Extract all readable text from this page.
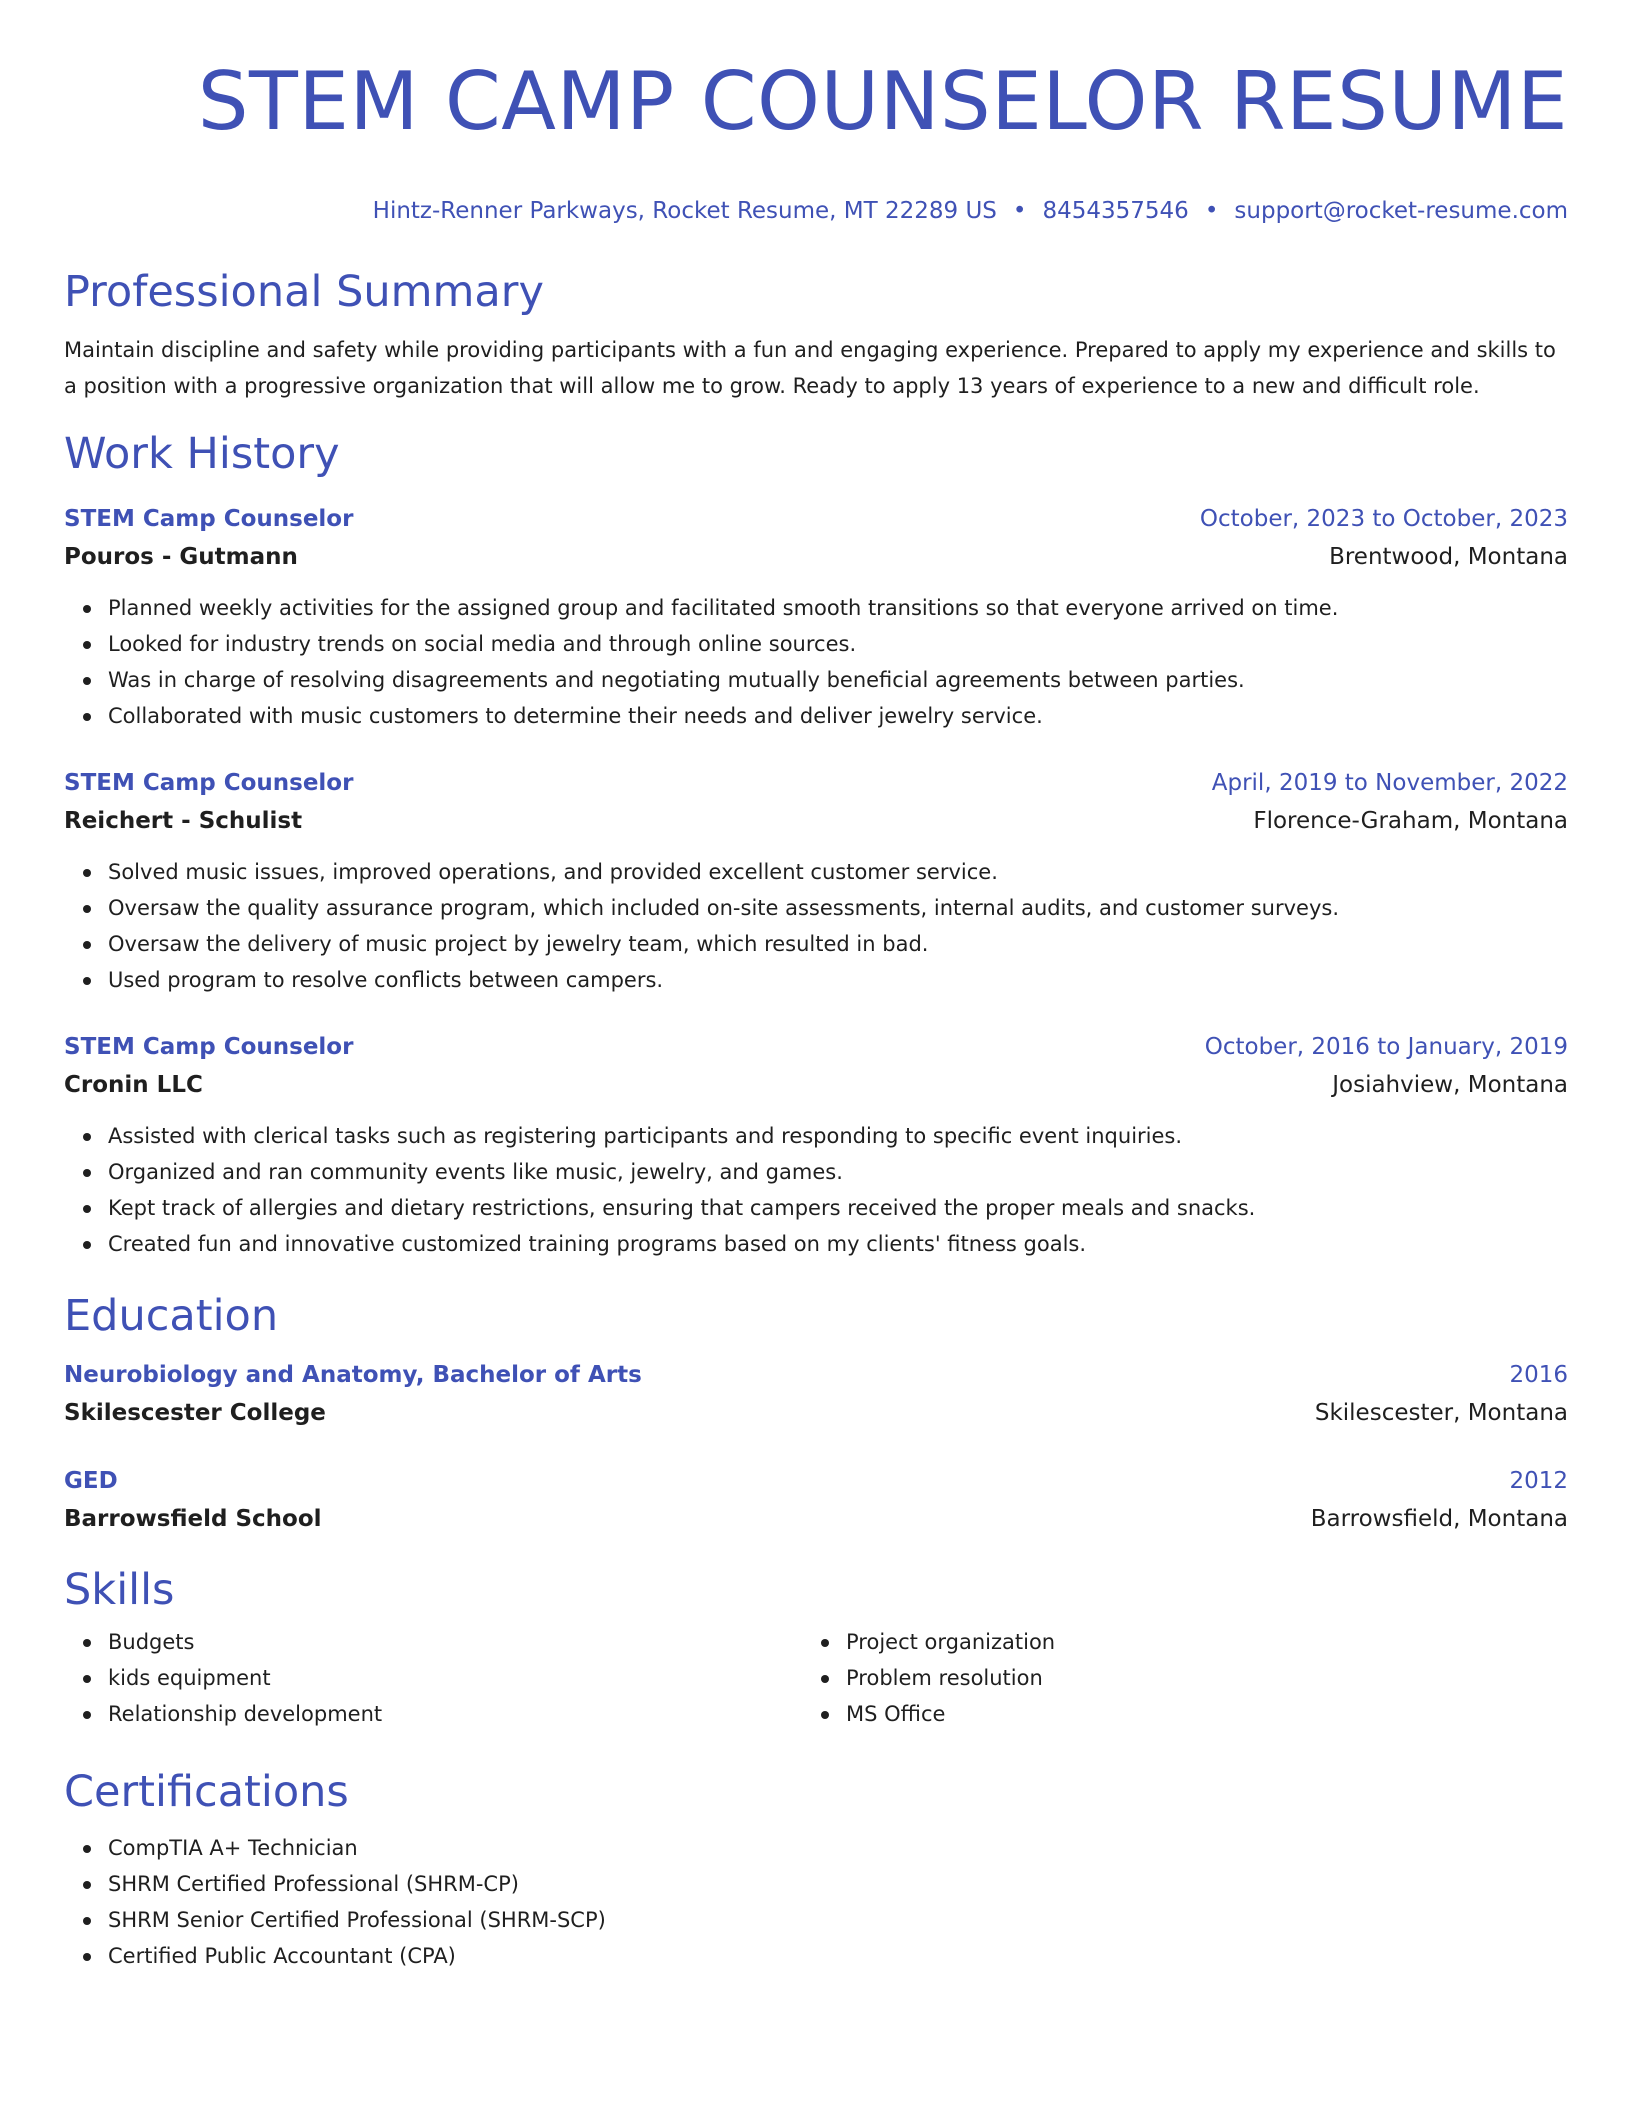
STEM CAMP COUNSELOR RESUME
Hintz-Renner Parkways, Rocket Resume, MT 22289 US • 8454357546 • support@rocket-resume.com
Professional Summary
Maintain discipline and safety while providing participants with a fun and engaging experience. Prepared to apply my experience and skills to a position with a progressive organization that will allow me to grow. Ready to apply 13 years of experience to a new and difficult role.
Work History
STEM Camp Counselor	October, 2023 to October, 2023
Pouros - Gutmann	Brentwood, Montana
Planned weekly activities for the assigned group and facilitated smooth transitions so that everyone arrived on time.
Looked for industry trends on social media and through online sources.
Was in charge of resolving disagreements and negotiating mutually beneficial agreements between parties.
Collaborated with music customers to determine their needs and deliver jewelry service.
STEM Camp Counselor	April, 2019 to November, 2022
Reichert - Schulist	Florence-Graham, Montana
Solved music issues, improved operations, and provided excellent customer service.
Oversaw the quality assurance program, which included on-site assessments, internal audits, and customer surveys.
Oversaw the delivery of music project by jewelry team, which resulted in bad.
Used program to resolve conflicts between campers.
STEM Camp Counselor	October, 2016 to January, 2019
Cronin LLC	Josiahview, Montana
Assisted with clerical tasks such as registering participants and responding to specific event inquiries.
Organized and ran community events like music, jewelry, and games.
Kept track of allergies and dietary restrictions, ensuring that campers received the proper meals and snacks.
Created fun and innovative customized training programs based on my clients' fitness goals.
Education
Neurobiology and Anatomy, Bachelor of Arts	2016
Skilescester College	Skilescester, Montana
GED	2012
Barrowsfield School	Barrowsfield, Montana
Skills
Budgets
kids equipment
Relationship development
Project organization
Problem resolution
MS Office
Certifications
CompTIA A+ Technician
SHRM Certified Professional (SHRM-CP)
SHRM Senior Certified Professional (SHRM-SCP)
Certified Public Accountant (CPA)
